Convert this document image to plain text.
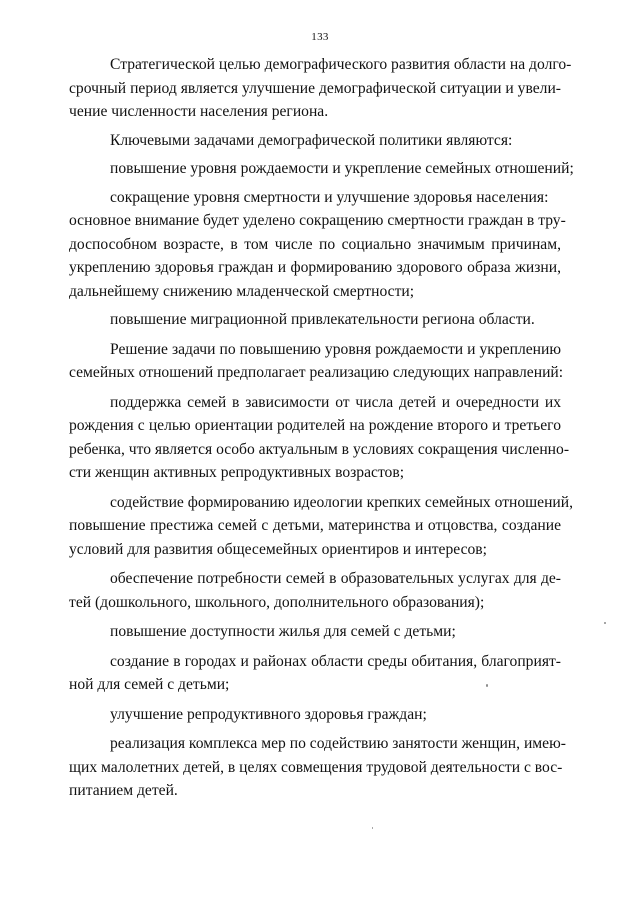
133
Стратегической целью демографического развития области на долго-
срочный период является улучшение демографической ситуации и увели-
чение численности населения региона.
Ключевыми задачами демографической политики являются:
повышение уровня рождаемости и укрепление семейных отношений;
сокращение уровня смертности и улучшение здоровья населения:
основное внимание будет уделено сокращению смертности граждан в тру-
доспособном возрасте, в том числе по социально значимым причинам,
укреплению здоровья граждан и формированию здорового образа жизни,
дальнейшему снижению младенческой смертности;
повышение миграционной привлекательности региона области.
Решение задачи по повышению уровня рождаемости и укреплению
семейных отношений предполагает реализацию следующих направлений:
поддержка семей в зависимости от числа детей и очередности их
рождения с целью ориентации родителей на рождение второго и третьего
ребенка, что является особо актуальным в условиях сокращения численно-
сти женщин активных репродуктивных возрастов;
содействие формированию идеологии крепких семейных отношений,
повышение престижа семей с детьми, материнства и отцовства, создание
условий для развития общесемейных ориентиров и интересов;
обеспечение потребности семей в образовательных услугах для де-
тей (дошкольного, школьного, дополнительного образования);
повышение доступности жилья для семей с детьми;
создание в городах и районах области среды обитания, благоприят-
ной для семей с детьми;
улучшение репродуктивного здоровья граждан;
реализация комплекса мер по содействию занятости женщин, имею-
щих малолетних детей, в целях совмещения трудовой деятельности с вос-
питанием детей.
